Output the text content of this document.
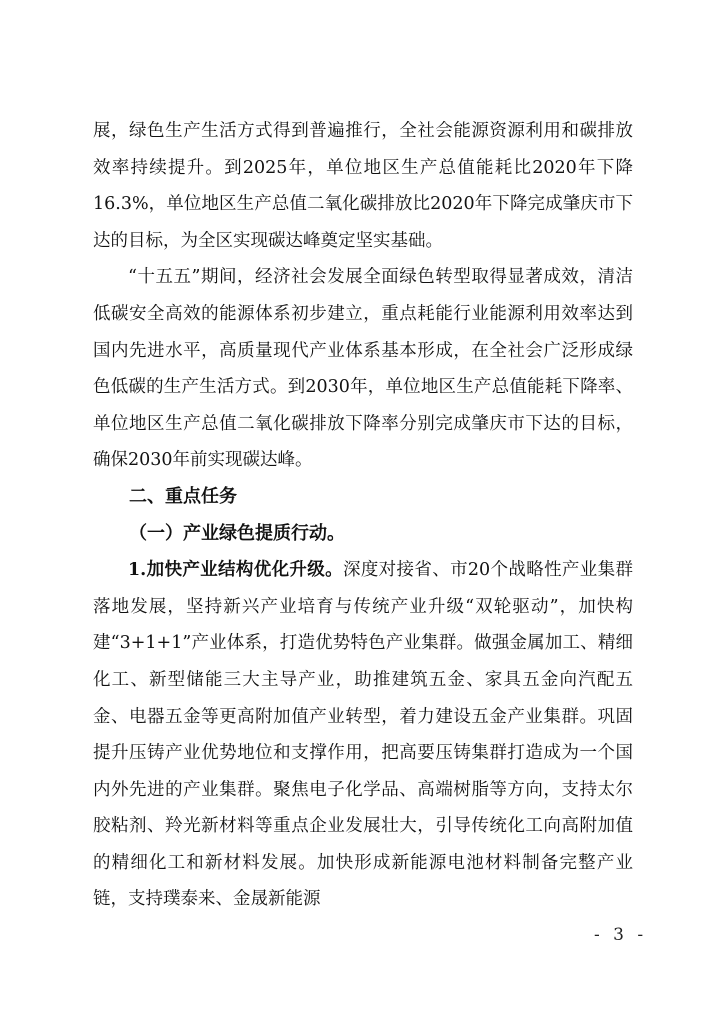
展，绿色生产生活方式得到普遍推行，全社会能源资源利用和碳排放效率持续提升。到2025年，单位地区生产总值能耗比2020年下降16.3%，单位地区生产总值二氧化碳排放比2020年下降完成肇庆市下达的目标，为全区实现碳达峰奠定坚实基础。

“十五五”期间，经济社会发展全面绿色转型取得显著成效，清洁低碳安全高效的能源体系初步建立，重点耗能行业能源利用效率达到国内先进水平，高质量现代产业体系基本形成，在全社会广泛形成绿色低碳的生产生活方式。到2030年，单位地区生产总值能耗下降率、单位地区生产总值二氧化碳排放下降率分别完成肇庆市下达的目标，确保2030年前实现碳达峰。

二、重点任务

（一）产业绿色提质行动。

1.加快产业结构优化升级。深度对接省、市20个战略性产业集群落地发展，坚持新兴产业培育与传统产业升级“双轮驱动”，加快构建“3+1+1”产业体系，打造优势特色产业集群。做强金属加工、精细化工、新型储能三大主导产业，助推建筑五金、家具五金向汽配五金、电器五金等更高附加值产业转型，着力建设五金产业集群。巩固提升压铸产业优势地位和支撑作用，把高要压铸集群打造成为一个国内外先进的产业集群。聚焦电子化学品、高端树脂等方向，支持太尔胶粘剂、羚光新材料等重点企业发展壮大，引导传统化工向高附加值的精细化工和新材料发展。加快形成新能源电池材料制备完整产业链，支持璞泰来、金晟新能源

- 3 -
